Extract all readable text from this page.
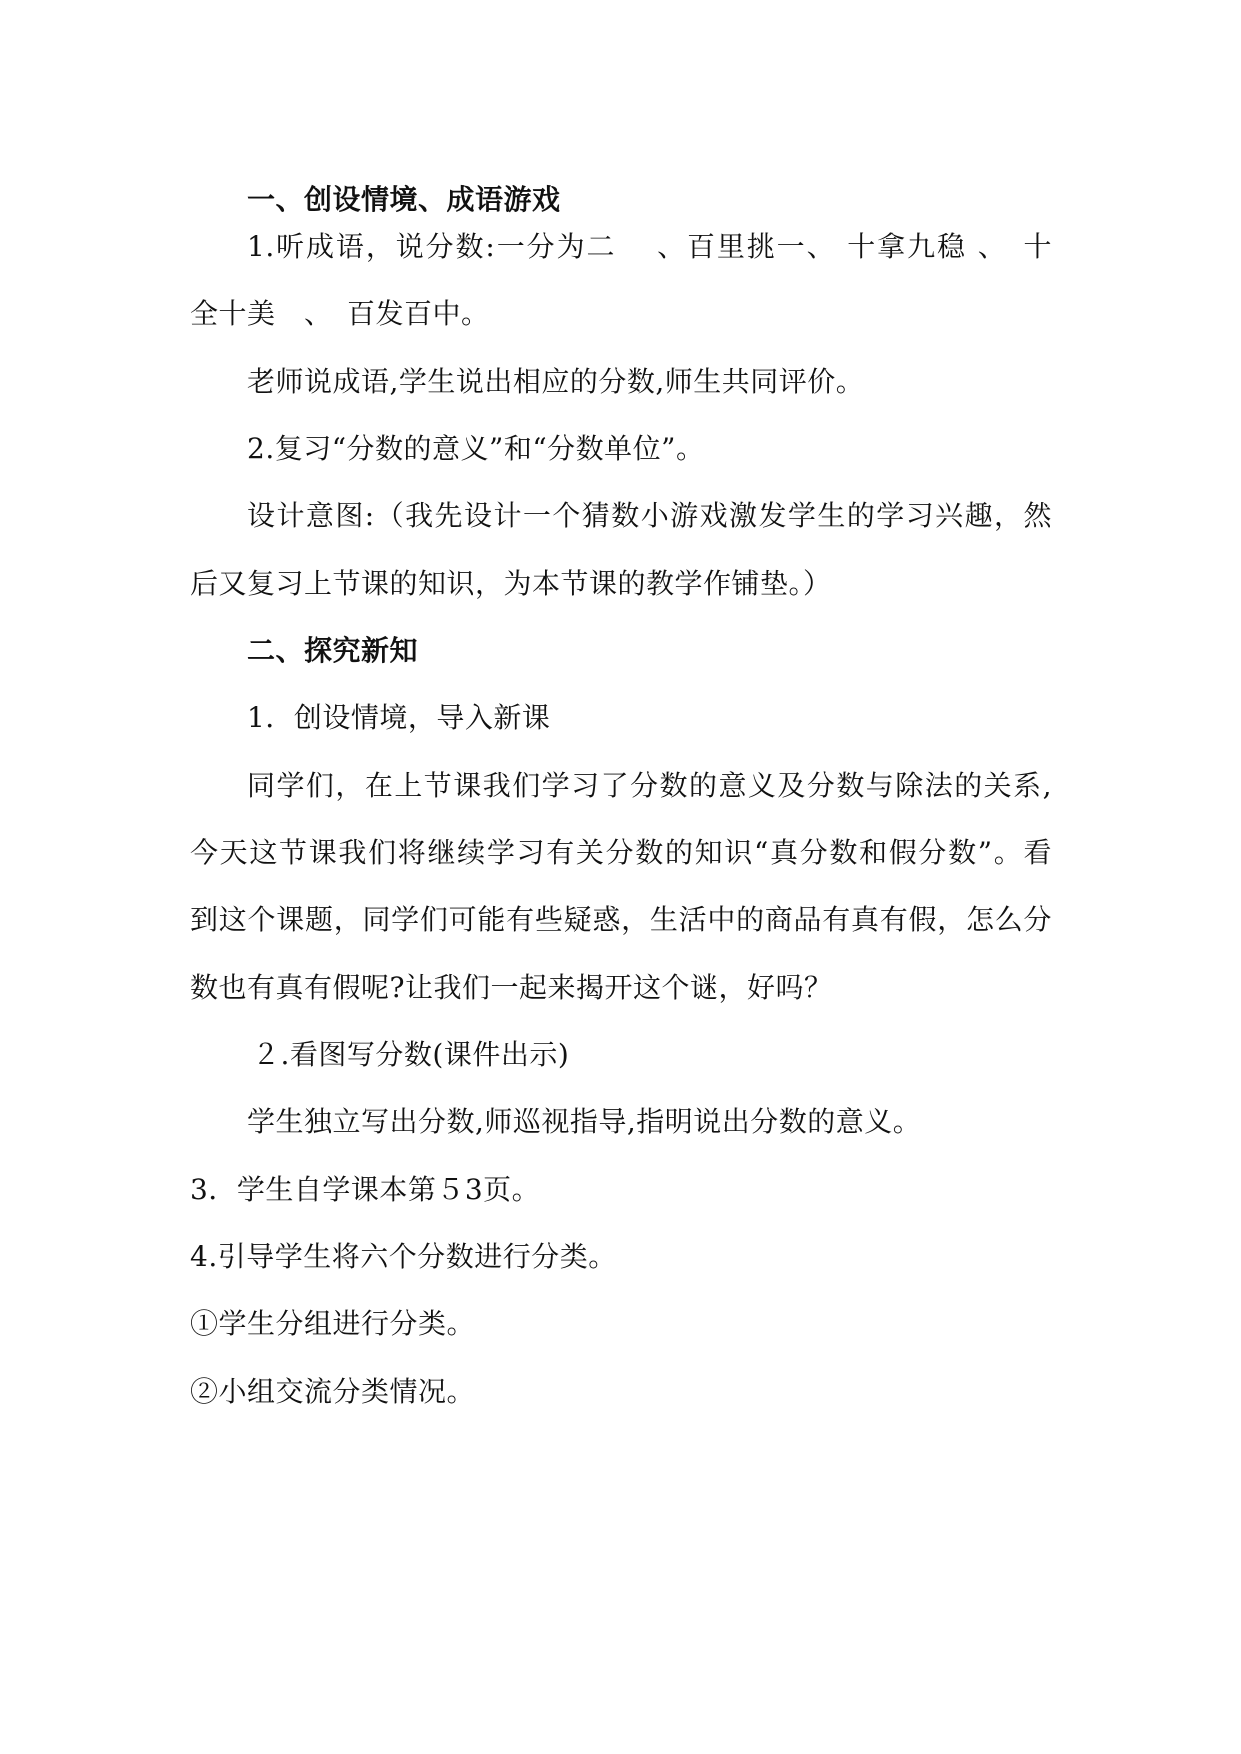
一、创设情境、成语游戏
1.听成语，说分数:一分为二　 、百里挑一、 十拿九稳 、　十
全十美　、　百发百中。
老师说成语,学生说出相应的分数,师生共同评价。
2.复习“分数的意义”和“分数单位”。
设计意图:（我先设计一个猜数小游戏激发学生的学习兴趣，然
后又复习上节课的知识，为本节课的教学作铺垫。）
二、探究新知
1．创设情境，导入新课
同学们，在上节课我们学习了分数的意义及分数与除法的关系,
今天这节课我们将继续学习有关分数的知识“真分数和假分数”。看
到这个课题，同学们可能有些疑惑，生活中的商品有真有假，怎么分
数也有真有假呢?让我们一起来揭开这个谜，好吗？
２.看图写分数(课件出示)
学生独立写出分数,师巡视指导,指明说出分数的意义。
3．学生自学课本第５3页。
4.引导学生将六个分数进行分类。
①学生分组进行分类。
②小组交流分类情况。
